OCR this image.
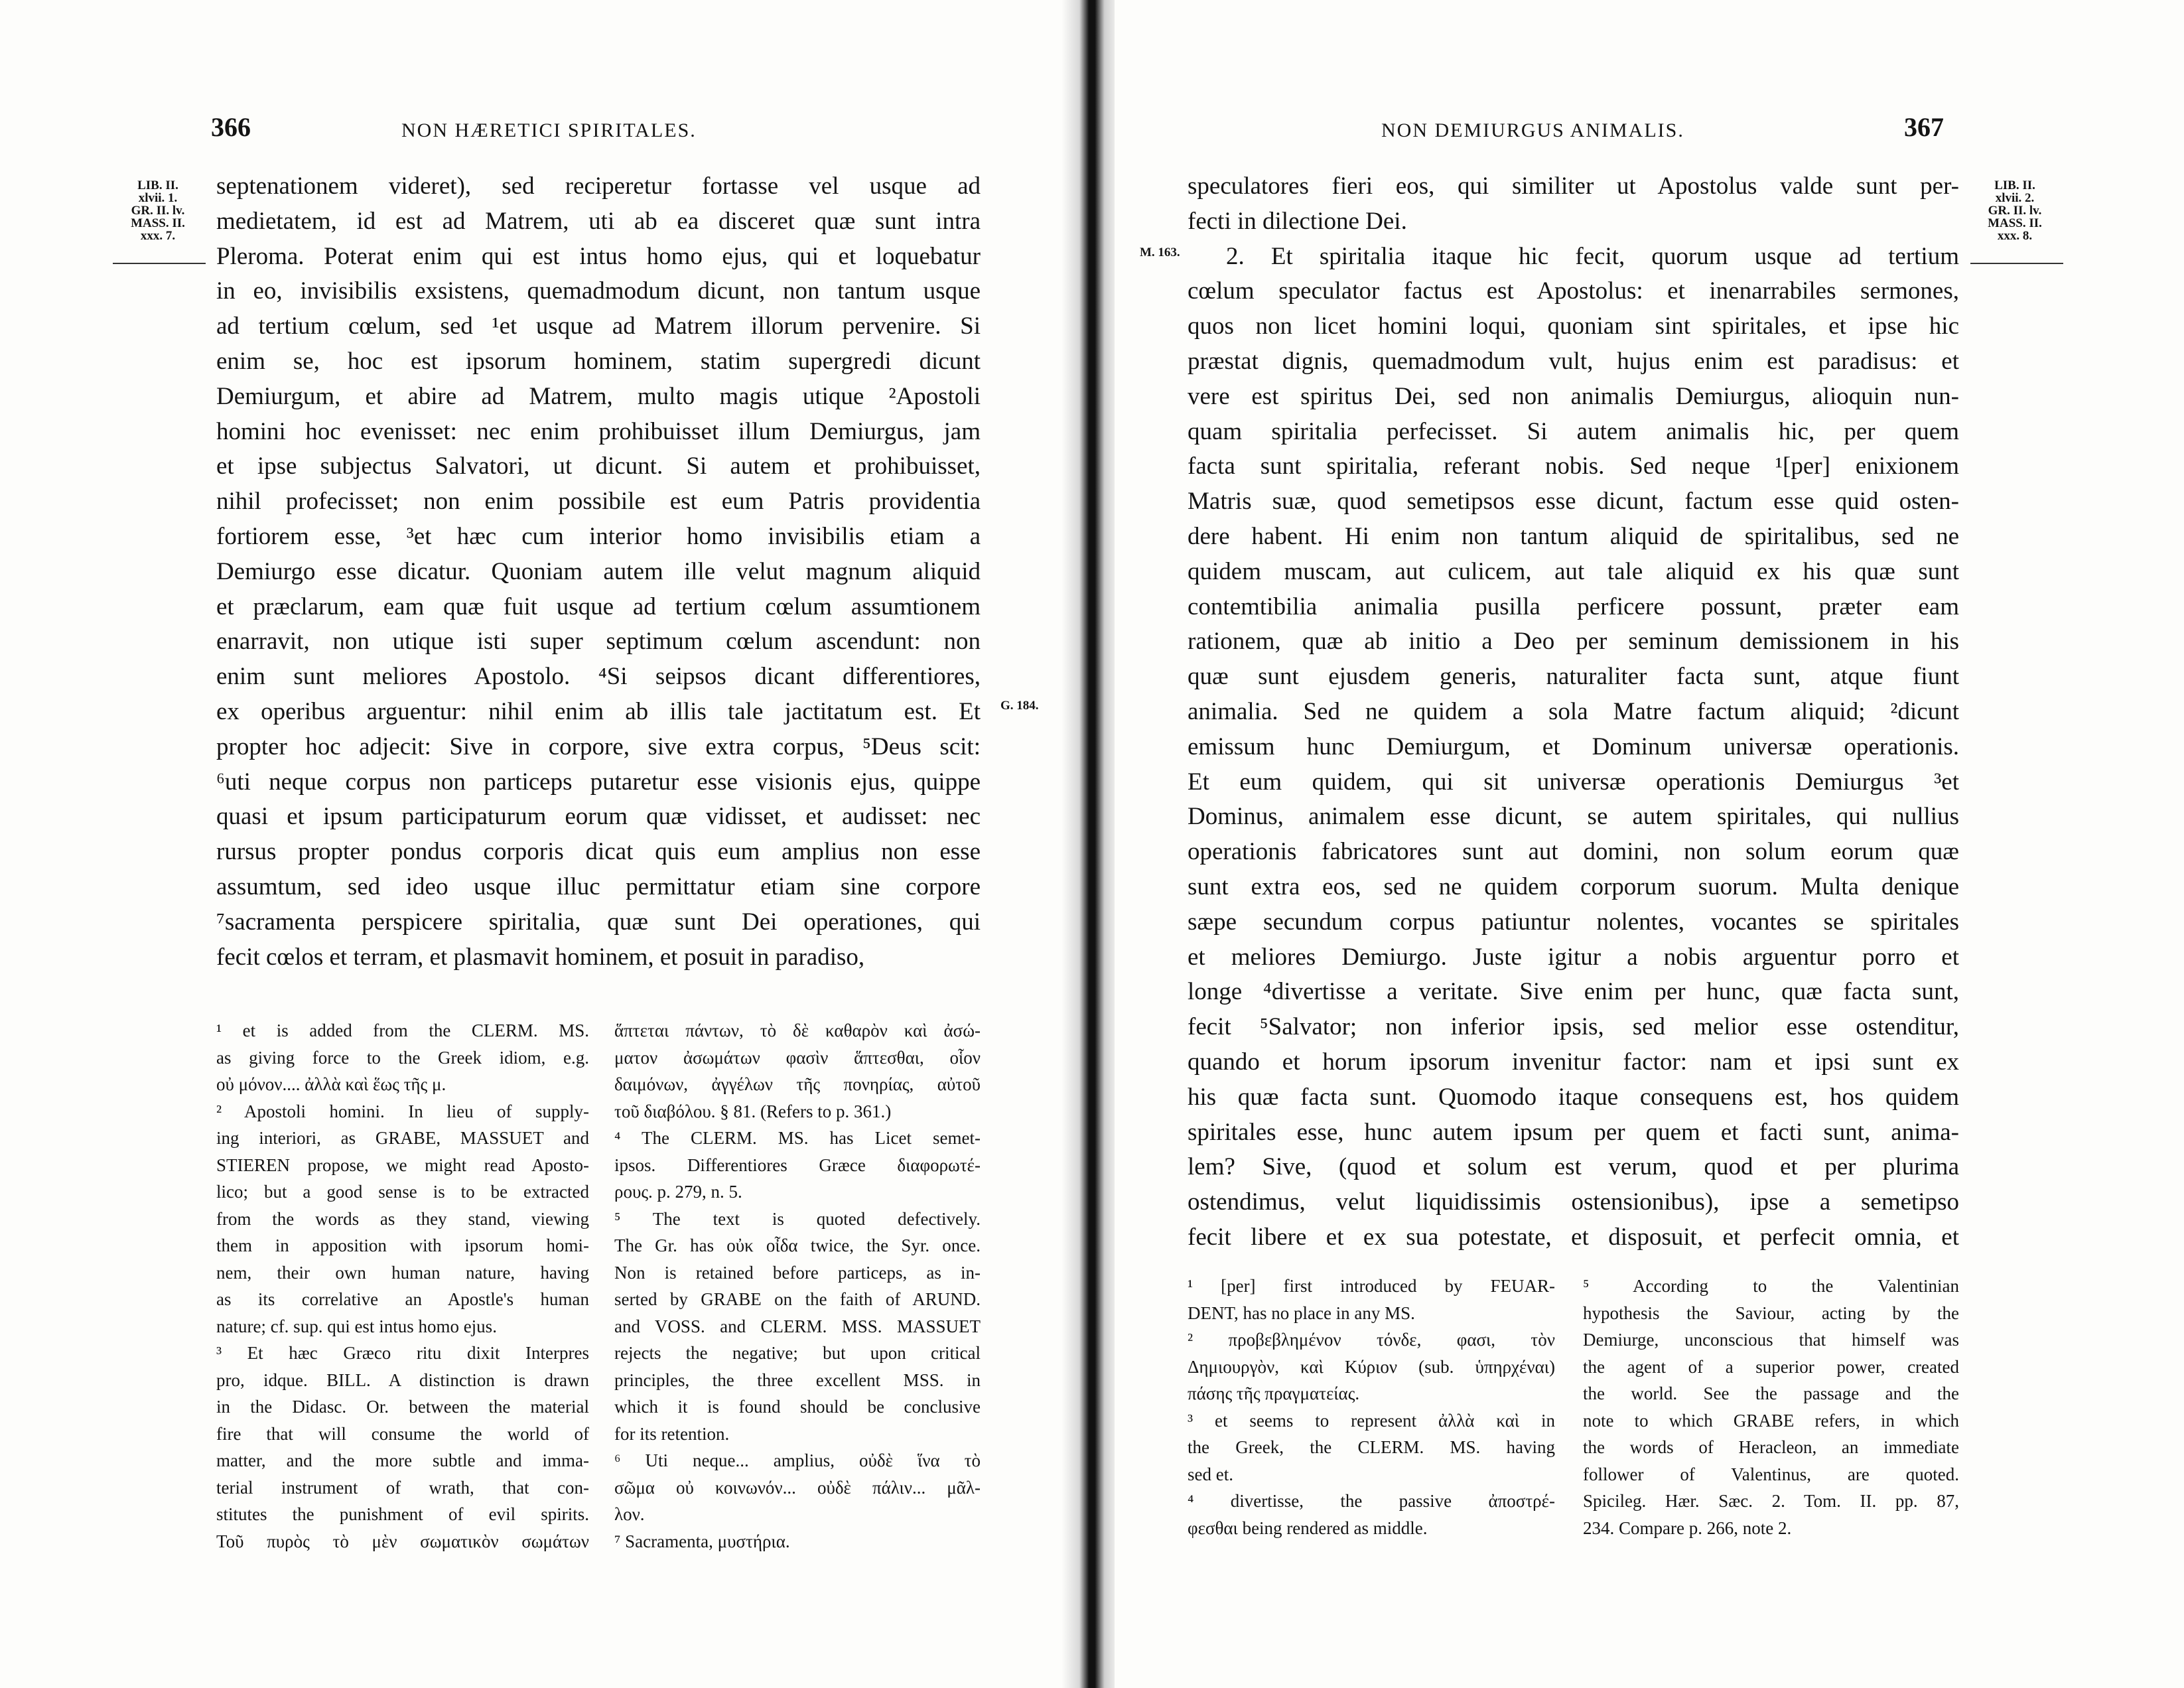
366	NON HÆRETICI SPIRITALES.
LIB. II.
xlvii. 1.
GR. II. lv.
MASS. II.
xxx. 7.
G. 184.
septenationem videret), sed reciperetur fortasse vel usque ad
medietatem, id est ad Matrem, uti ab ea disceret quæ sunt intra
Pleroma. Poterat enim qui est intus homo ejus, qui et loquebatur
in eo, invisibilis exsistens, quemadmodum dicunt, non tantum usque
ad tertium cœlum, sed ¹et usque ad Matrem illorum pervenire. Si
enim se, hoc est ipsorum hominem, statim supergredi dicunt
Demiurgum, et abire ad Matrem, multo magis utique ²Apostoli
homini hoc evenisset: nec enim prohibuisset illum Demiurgus, jam
et ipse subjectus Salvatori, ut dicunt. Si autem et prohibuisset,
nihil profecisset; non enim possibile est eum Patris providentia
fortiorem esse, ³et hæc cum interior homo invisibilis etiam a
Demiurgo esse dicatur. Quoniam autem ille velut magnum aliquid
et præclarum, eam quæ fuit usque ad tertium cœlum assumtionem
enarravit, non utique isti super septimum cœlum ascendunt: non
enim sunt meliores Apostolo. ⁴Si seipsos dicant differentiores,
ex operibus arguentur: nihil enim ab illis tale jactitatum est. Et
propter hoc adjecit: Sive in corpore, sive extra corpus, ⁵Deus scit:
⁶uti neque corpus non particeps putaretur esse visionis ejus, quippe
quasi et ipsum participaturum eorum quæ vidisset, et audisset: nec
rursus propter pondus corporis dicat quis eum amplius non esse
assumtum, sed ideo usque illuc permittatur etiam sine corpore
⁷sacramenta perspicere spiritalia, quæ sunt Dei operationes, qui
fecit cœlos et terram, et plasmavit hominem, et posuit in paradiso,
¹ et is added from the CLERM. MS.
as giving force to the Greek idiom, e.g.
οὐ μόνον.... ἀλλὰ καὶ ἕως τῆς μ.
² Apostoli homini. In lieu of supply-
ing interiori, as GRABE, MASSUET and
STIEREN propose, we might read Aposto-
lico; but a good sense is to be extracted
from the words as they stand, viewing
them in apposition with ipsorum homi-
nem, their own human nature, having
as its correlative an Apostle's human
nature; cf. sup. qui est intus homo ejus.
³ Et hæc Græco ritu dixit Interpres
pro, idque. BILL. A distinction is drawn
in the Didasc. Or. between the material
fire that will consume the world of
matter, and the more subtle and imma-
terial instrument of wrath, that con-
stitutes the punishment of evil spirits.
Τοῦ πυρὸς τὸ μὲν σωματικὸν σωμάτων
ἅπτεται πάντων, τὸ δὲ καθαρὸν καὶ ἀσώ-
ματον ἀσωμάτων φασὶν ἅπτεσθαι, οἷον
δαιμόνων, ἀγγέλων τῆς πονηρίας, αὐτοῦ
τοῦ διαβόλου. § 81. (Refers to p. 361.)
⁴ The CLERM. MS. has Licet semet-
ipsos. Differentiores Græce διαφορωτέ-
ρους. p. 279, n. 5.
⁵ The text is quoted defectively.
The Gr. has οὐκ οἶδα twice, the Syr. once.
Non is retained before particeps, as in-
serted by GRABE on the faith of ARUND.
and VOSS. and CLERM. MSS. MASSUET
rejects the negative; but upon critical
principles, the three excellent MSS. in
which it is found should be conclusive
for its retention.
⁶ Uti neque... amplius, οὐδὲ ἵνα τὸ
σῶμα οὐ κοινωνόν... οὐδὲ πάλιν... μᾶλ-
λον.
⁷ Sacramenta, μυστήρια.
NON DEMIURGUS ANIMALIS.	367
LIB. II.
xlvii. 2.
GR. II. lv.
MASS. II.
xxx. 8.
M. 163.
speculatores fieri eos, qui similiter ut Apostolus valde sunt per-
fecti in dilectione Dei.
2. Et spiritalia itaque hic fecit, quorum usque ad tertium
cœlum speculator factus est Apostolus: et inenarrabiles sermones,
quos non licet homini loqui, quoniam sint spiritales, et ipse hic
præstat dignis, quemadmodum vult, hujus enim est paradisus: et
vere est spiritus Dei, sed non animalis Demiurgus, alioquin nun-
quam spiritalia perfecisset. Si autem animalis hic, per quem
facta sunt spiritalia, referant nobis. Sed neque ¹[per] enixionem
Matris suæ, quod semetipsos esse dicunt, factum esse quid osten-
dere habent. Hi enim non tantum aliquid de spiritalibus, sed ne
quidem muscam, aut culicem, aut tale aliquid ex his quæ sunt
contemtibilia animalia pusilla perficere possunt, præter eam
rationem, quæ ab initio a Deo per seminum demissionem in his
quæ sunt ejusdem generis, naturaliter facta sunt, atque fiunt
animalia. Sed ne quidem a sola Matre factum aliquid; ²dicunt
emissum hunc Demiurgum, et Dominum universæ operationis.
Et eum quidem, qui sit universæ operationis Demiurgus ³et
Dominus, animalem esse dicunt, se autem spiritales, qui nullius
operationis fabricatores sunt aut domini, non solum eorum quæ
sunt extra eos, sed ne quidem corporum suorum. Multa denique
sæpe secundum corpus patiuntur nolentes, vocantes se spiritales
et meliores Demiurgo. Juste igitur a nobis arguentur porro et
longe ⁴divertisse a veritate. Sive enim per hunc, quæ facta sunt,
fecit ⁵Salvator; non inferior ipsis, sed melior esse ostenditur,
quando et horum ipsorum invenitur factor: nam et ipsi sunt ex
his quæ facta sunt. Quomodo itaque consequens est, hos quidem
spiritales esse, hunc autem ipsum per quem et facti sunt, anima-
lem? Sive, (quod et solum est verum, quod et per plurima
ostendimus, velut liquidissimis ostensionibus), ipse a semetipso
fecit libere et ex sua potestate, et disposuit, et perfecit omnia, et
¹ [per] first introduced by FEUAR-
DENT, has no place in any MS.
² προβεβλημένον τόνδε, φασι, τὸν
Δημιουργὸν, καὶ Κύριον (sub. ὑπηρχέναι)
πάσης τῆς πραγματείας.
³ et seems to represent ἀλλὰ καὶ in
the Greek, the CLERM. MS. having
sed et.
⁴ divertisse, the passive ἀποστρέ-
φεσθαι being rendered as middle.
⁵ According to the Valentinian
hypothesis the Saviour, acting by the
Demiurge, unconscious that himself was
the agent of a superior power, created
the world. See the passage and the
note to which GRABE refers, in which
the words of Heracleon, an immediate
follower of Valentinus, are quoted.
Spicileg. Hær. Sæc. 2. Tom. II. pp. 87,
234. Compare p. 266, note 2.
